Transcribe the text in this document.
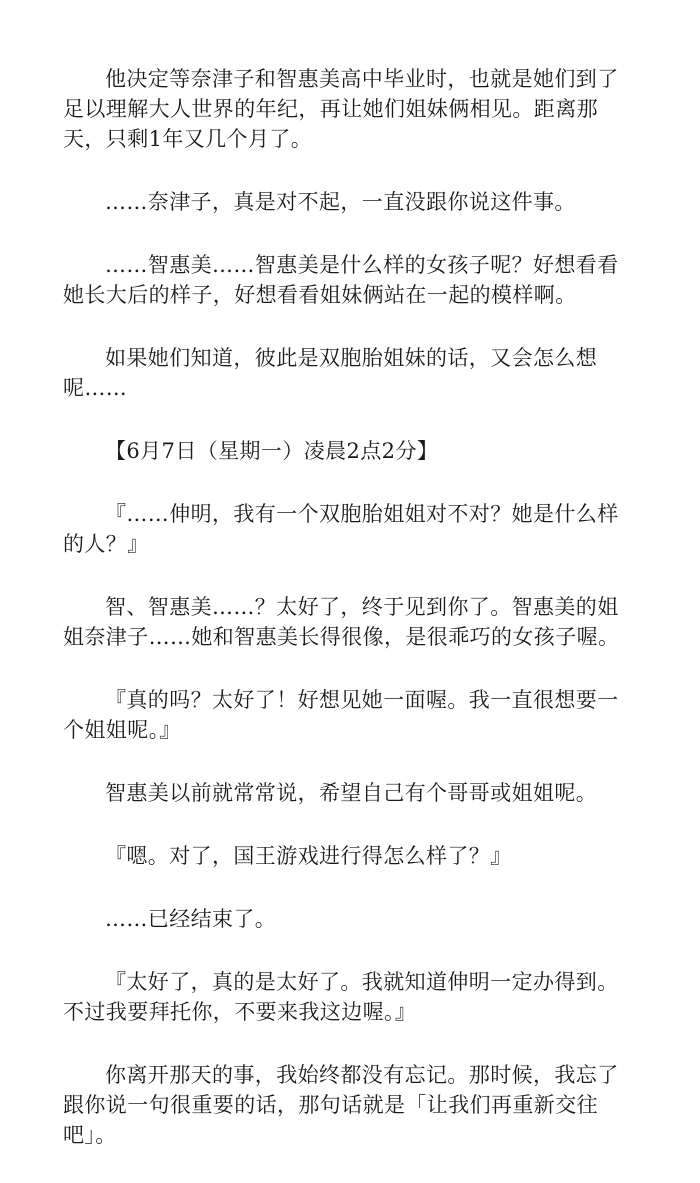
他决定等奈津子和智惠美高中毕业时，也就是她们到了足以理解大人世界的年纪，再让她们姐妹俩相见。距离那天，只剩1年又几个月了。

……奈津子，真是对不起，一直没跟你说这件事。

……智惠美……智惠美是什么样的女孩子呢？好想看看她长大后的样子，好想看看姐妹俩站在一起的模样啊。

如果她们知道，彼此是双胞胎姐妹的话，又会怎么想
呢……

【6月7日（星期一）凌晨2点2分】

『……伸明，我有一个双胞胎姐姐对不对？她是什么样的人？』

智、智惠美……？太好了，终于见到你了。智惠美的姐姐奈津子……她和智惠美长得很像，是很乖巧的女孩子喔。

『真的吗？太好了！好想见她一面喔。我一直很想要一个姐姐呢。』

智惠美以前就常常说，希望自己有个哥哥或姐姐呢。

『嗯。对了，国王游戏进行得怎么样了？』

……已经结束了。

『太好了，真的是太好了。我就知道伸明一定办得到。不过我要拜托你，不要来我这边喔。』

你离开那天的事，我始终都没有忘记。那时候，我忘了跟你说一句很重要的话，那句话就是「让我们再重新交往吧」。
